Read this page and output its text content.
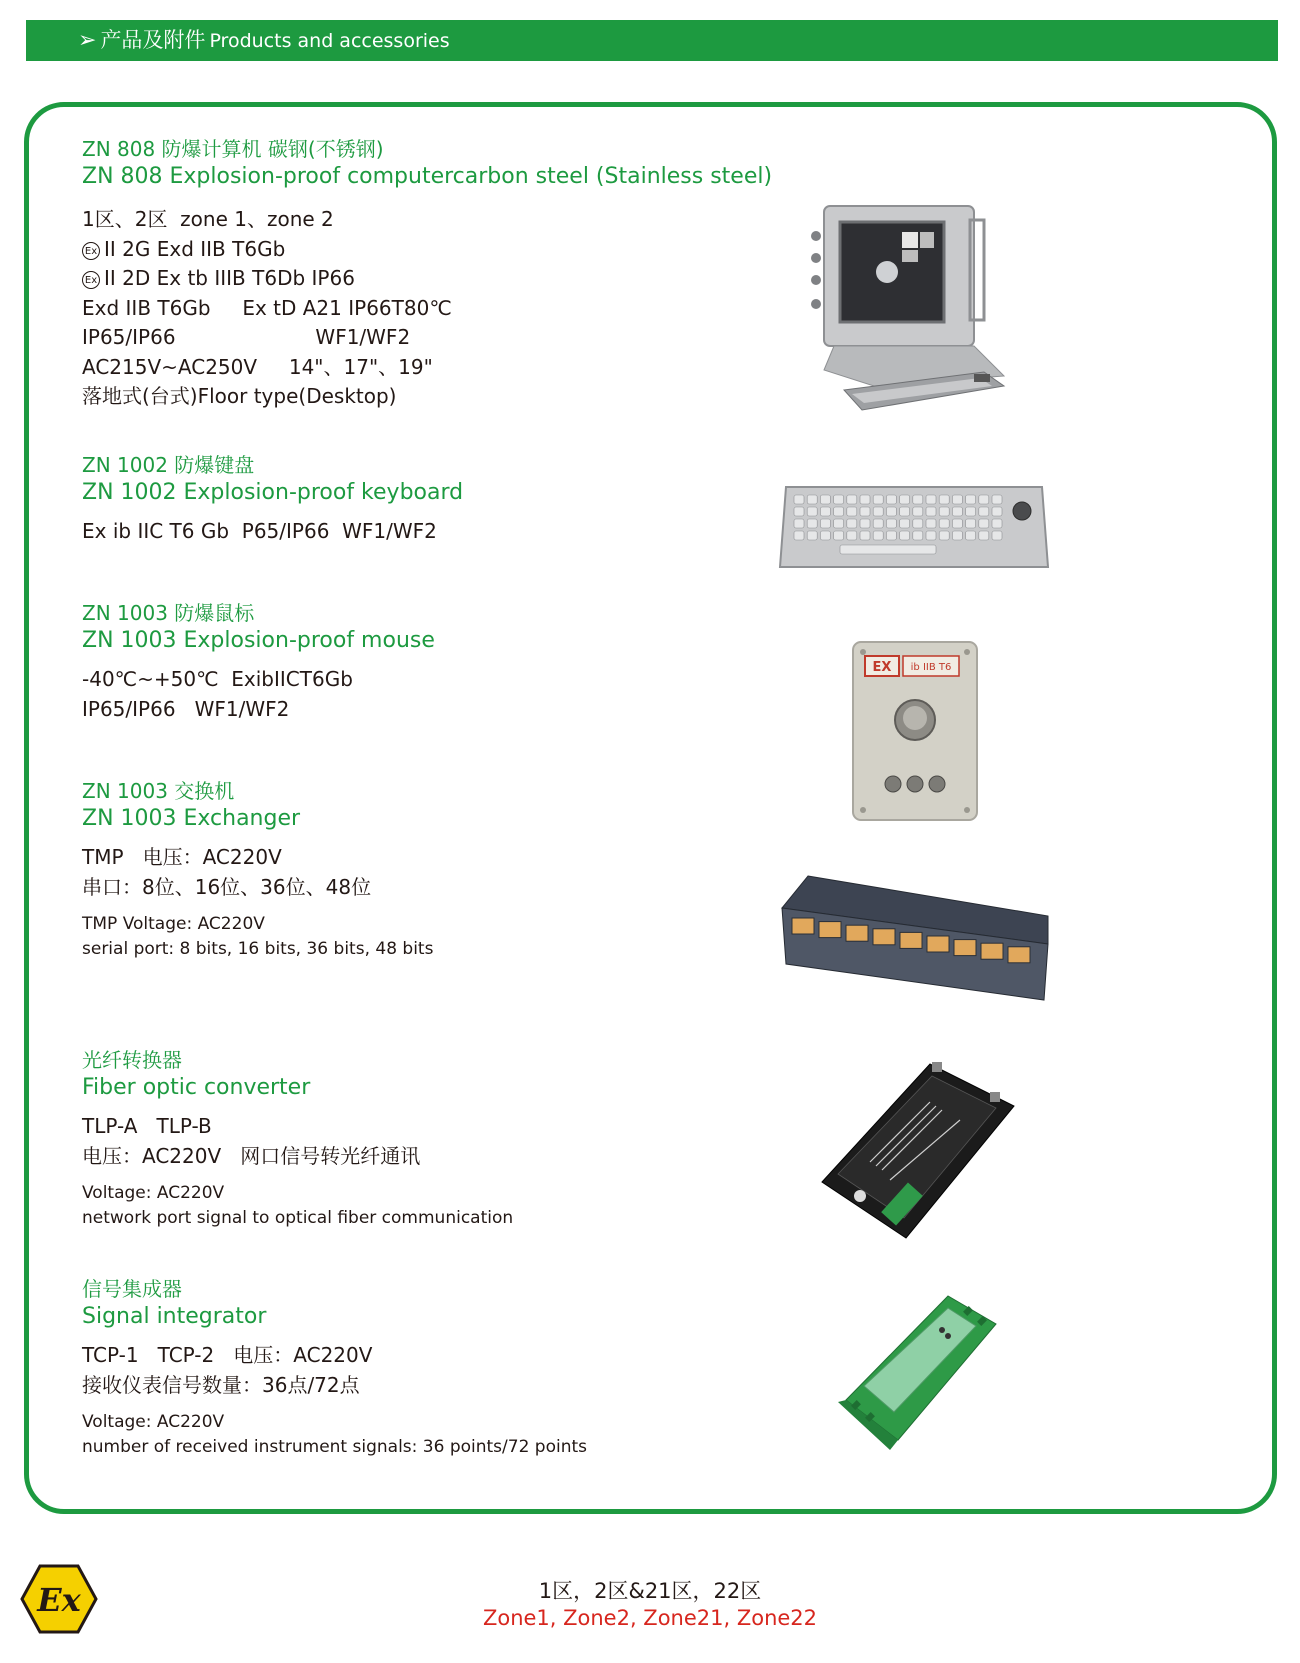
➢ 产品及附件 Products and accessories
ZN 808 防爆计算机 碳钢(不锈钢)
ZN 808 Explosion-proof computercarbon steel (Stainless steel)
1区、2区  zone 1、zone 2
Ex II 2G Exd IIB T6Gb
Ex II 2D Ex tb IIIB T6Db IP66
Exd IIB T6Gb     Ex tD A21 IP66T80℃
IP65/IP66                      WF1/WF2
AC215V~AC250V     14"、17"、19"
落地式(台式)Floor type(Desktop)
ZN 1002 防爆键盘
ZN 1002 Explosion-proof keyboard
Ex ib IIC T6 Gb  P65/IP66  WF1/WF2
ZN 1003 防爆鼠标
ZN 1003 Explosion-proof mouse
-40℃~+50℃  ExibIICT6Gb
IP65/IP66   WF1/WF2
EX ib IIB T6
ZN 1003 交换机
ZN 1003 Exchanger
TMP   电压：AC220V
串口：8位、16位、36位、48位
TMP Voltage: AC220V
serial port: 8 bits, 16 bits, 36 bits, 48 bits
光纤转换器
Fiber optic converter
TLP-A   TLP-B
电压：AC220V   网口信号转光纤通讯
Voltage: AC220V
network port signal to optical fiber communication
信号集成器
Signal integrator
TCP-1   TCP-2   电压：AC220V
接收仪表信号数量：36点/72点
Voltage: AC220V
number of received instrument signals: 36 points/72 points
Ex	1区，2区&21区，22区
Zone1, Zone2, Zone21, Zone22
